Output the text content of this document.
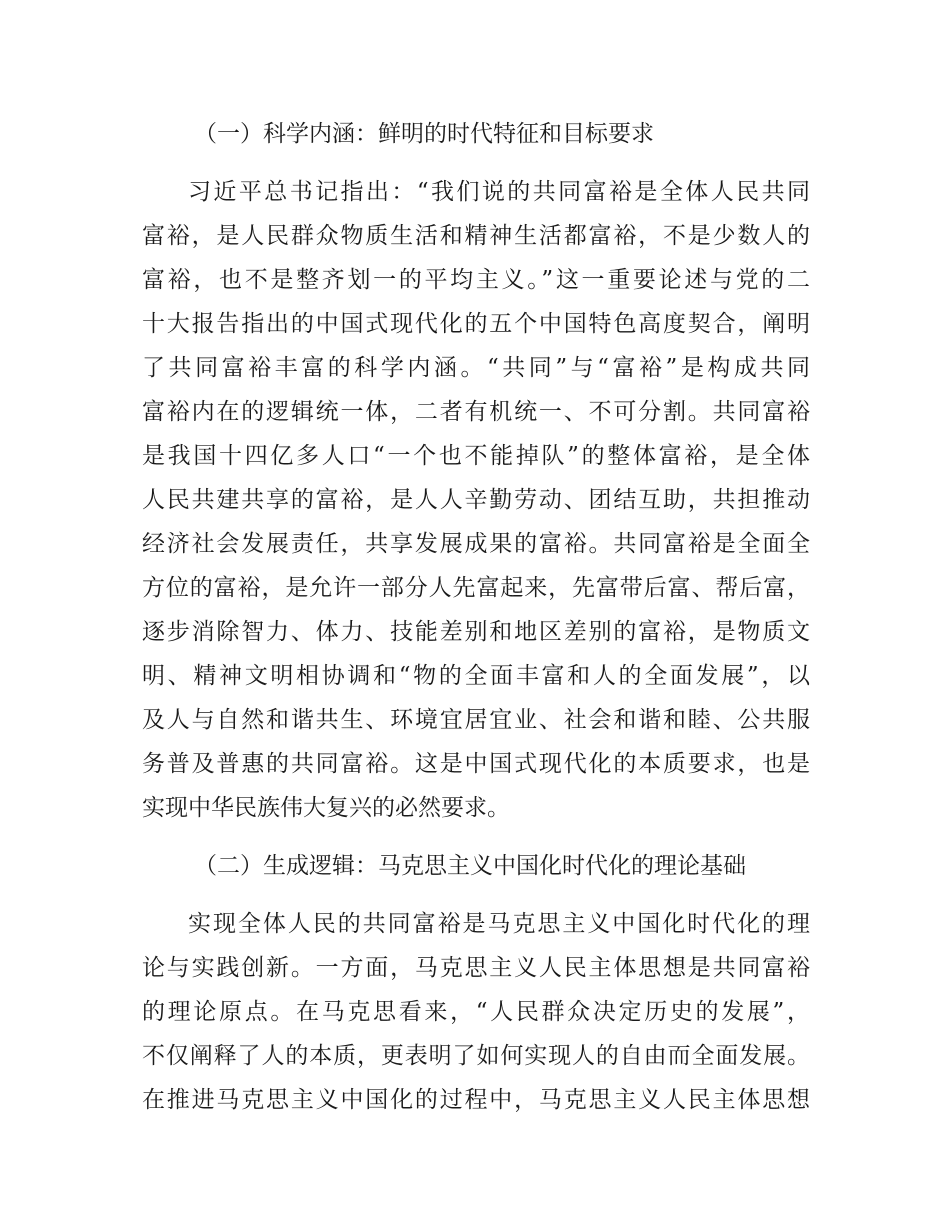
（一）科学内涵：鲜明的时代特征和目标要求
习近平总书记指出：“我们说的共同富裕是全体人民共同
富裕，是人民群众物质生活和精神生活都富裕，不是少数人的
富裕，也不是整齐划一的平均主义。”这一重要论述与党的二
十大报告指出的中国式现代化的五个中国特色高度契合，阐明
了共同富裕丰富的科学内涵。“共同”与“富裕”是构成共同
富裕内在的逻辑统一体，二者有机统一、不可分割。共同富裕
是我国十四亿多人口“一个也不能掉队”的整体富裕，是全体
人民共建共享的富裕，是人人辛勤劳动、团结互助，共担推动
经济社会发展责任，共享发展成果的富裕。共同富裕是全面全
方位的富裕，是允许一部分人先富起来，先富带后富、帮后富，
逐步消除智力、体力、技能差别和地区差别的富裕，是物质文
明、精神文明相协调和“物的全面丰富和人的全面发展”，以
及人与自然和谐共生、环境宜居宜业、社会和谐和睦、公共服
务普及普惠的共同富裕。这是中国式现代化的本质要求，也是
实现中华民族伟大复兴的必然要求。
（二）生成逻辑：马克思主义中国化时代化的理论基础
实现全体人民的共同富裕是马克思主义中国化时代化的理
论与实践创新。一方面，马克思主义人民主体思想是共同富裕
的理论原点。在马克思看来，“人民群众决定历史的发展”，
不仅阐释了人的本质，更表明了如何实现人的自由而全面发展。
在推进马克思主义中国化的过程中，马克思主义人民主体思想
